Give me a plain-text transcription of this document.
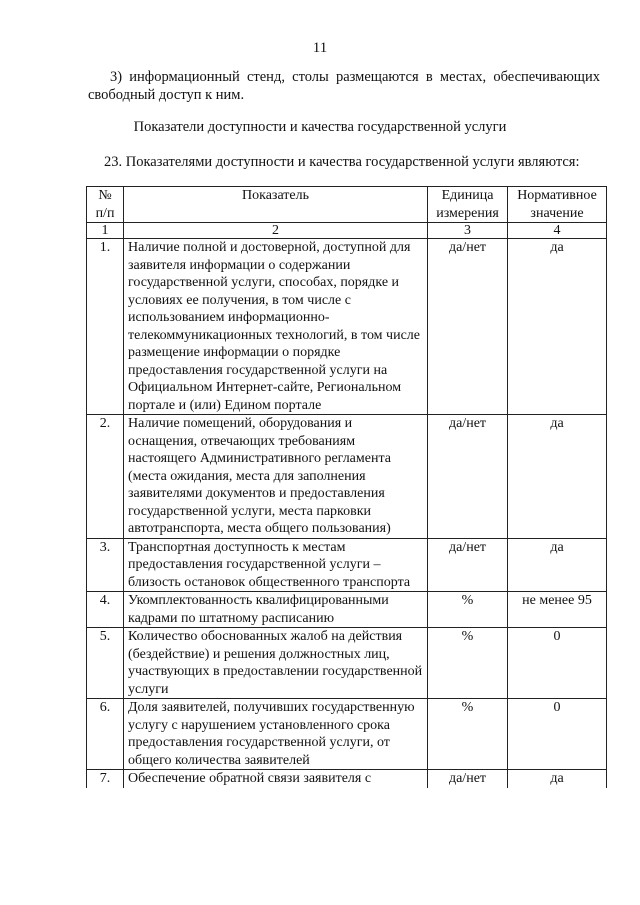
11
3) информационный стенд, столы размещаются в местах, обеспечивающих свободный доступ к ним.
Показатели доступности и качества государственной услуги
23. Показателями доступности и качества государственной услуги являются:
№ п/п	Показатель	Единица измерения	Нормативное значение
1	2	3	4
1.	Наличие полной и достоверной, доступной для заявителя информации о содержании государственной услуги, способах, порядке и условиях ее получения, в том числе с использованием информационно-телекоммуникационных технологий, в том числе размещение информации о порядке предоставления государственной услуги на Официальном Интернет-сайте, Региональном портале и (или) Едином портале	да/нет	да
2.	Наличие помещений, оборудования и оснащения, отвечающих требованиям настоящего Административного регламента (места ожидания, места для заполнения заявителями документов и предоставления государственной услуги, места парковки автотранспорта, места общего пользования)	да/нет	да
3.	Транспортная доступность к местам предоставления государственной услуги – близость остановок общественного транспорта	да/нет	да
4.	Укомплектованность квалифицированными кадрами по штатному расписанию	%	не менее 95
5.	Количество обоснованных жалоб на действия (бездействие) и решения должностных лиц, участвующих в предоставлении государственной услуги	%	0
6.	Доля заявителей, получивших государственную услугу с нарушением установленного срока предоставления государственной услуги, от общего количества заявителей	%	0
7.	Обеспечение обратной связи заявителя с	да/нет	да
